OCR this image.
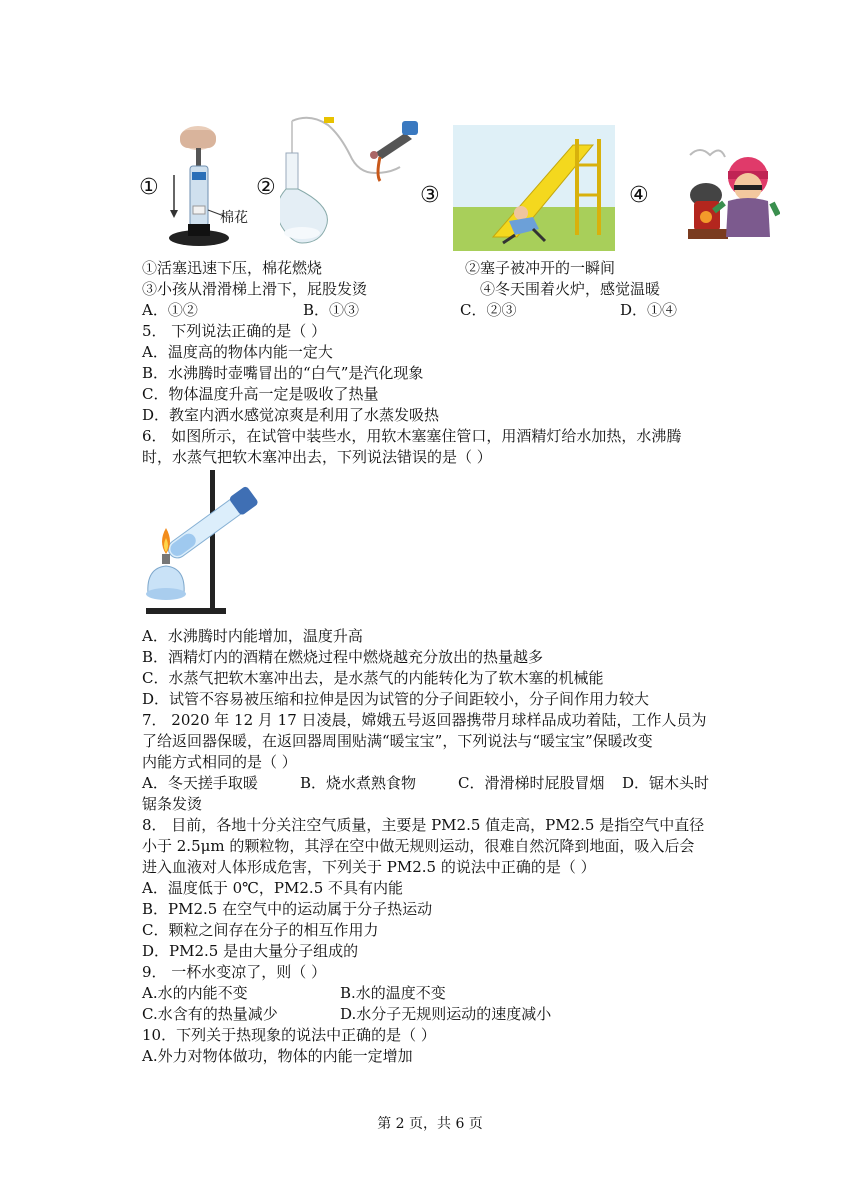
①	②	③	④
棉花
①活塞迅速下压，棉花燃烧	②塞子被冲开的一瞬间
③小孩从滑滑梯上滑下，屁股发烫	④冬天围着火炉，感觉温暖
A．①②	B．①③	C．②③	D．①④
5． 下列说法正确的是（ ）
A．温度高的物体内能一定大
B．水沸腾时壶嘴冒出的“白气”是汽化现象
C．物体温度升高一定是吸收了热量
D．教室内洒水感觉凉爽是利用了水蒸发吸热
6． 如图所示，在试管中装些水，用软木塞塞住管口，用酒精灯给水加热，水沸腾
时，水蒸气把软木塞冲出去，下列说法错误的是（ ）
A．水沸腾时内能增加，温度升高
B．酒精灯内的酒精在燃烧过程中燃烧越充分放出的热量越多
C．水蒸气把软木塞冲出去，是水蒸气的内能转化为了软木塞的机械能
D．试管不容易被压缩和拉伸是因为试管的分子间距较小，分子间作用力较大
7． 2020 年 12 月 17 日凌晨，嫦娥五号返回器携带月球样品成功着陆，工作人员为
了给返回器保暖，在返回器周围贴满“暖宝宝”，下列说法与“暖宝宝”保暖改变
内能方式相同的是（ ）
A．冬天搓手取暖	B．烧水煮熟食物	C．滑滑梯时屁股冒烟 D．锯木头时
锯条发烫
8． 目前，各地十分关注空气质量，主要是 PM2.5 值走高，PM2.5 是指空气中直径
小于 2.5μm 的颗粒物，其浮在空中做无规则运动，很难自然沉降到地面，吸入后会
进入血液对人体形成危害，下列关于 PM2.5 的说法中正确的是（ ）
A．温度低于 0℃，PM2.5 不具有内能
B．PM2.5 在空气中的运动属于分子热运动
C．颗粒之间存在分子的相互作用力
D．PM2.5 是由大量分子组成的
9． 一杯水变凉了，则（ ）
A.水的内能不变	B.水的温度不变
C.水含有的热量减少	D.水分子无规则运动的速度减小
10．下列关于热现象的说法中正确的是（ ）
A.外力对物体做功，物体的内能一定增加
第 2 页，共 6 页
